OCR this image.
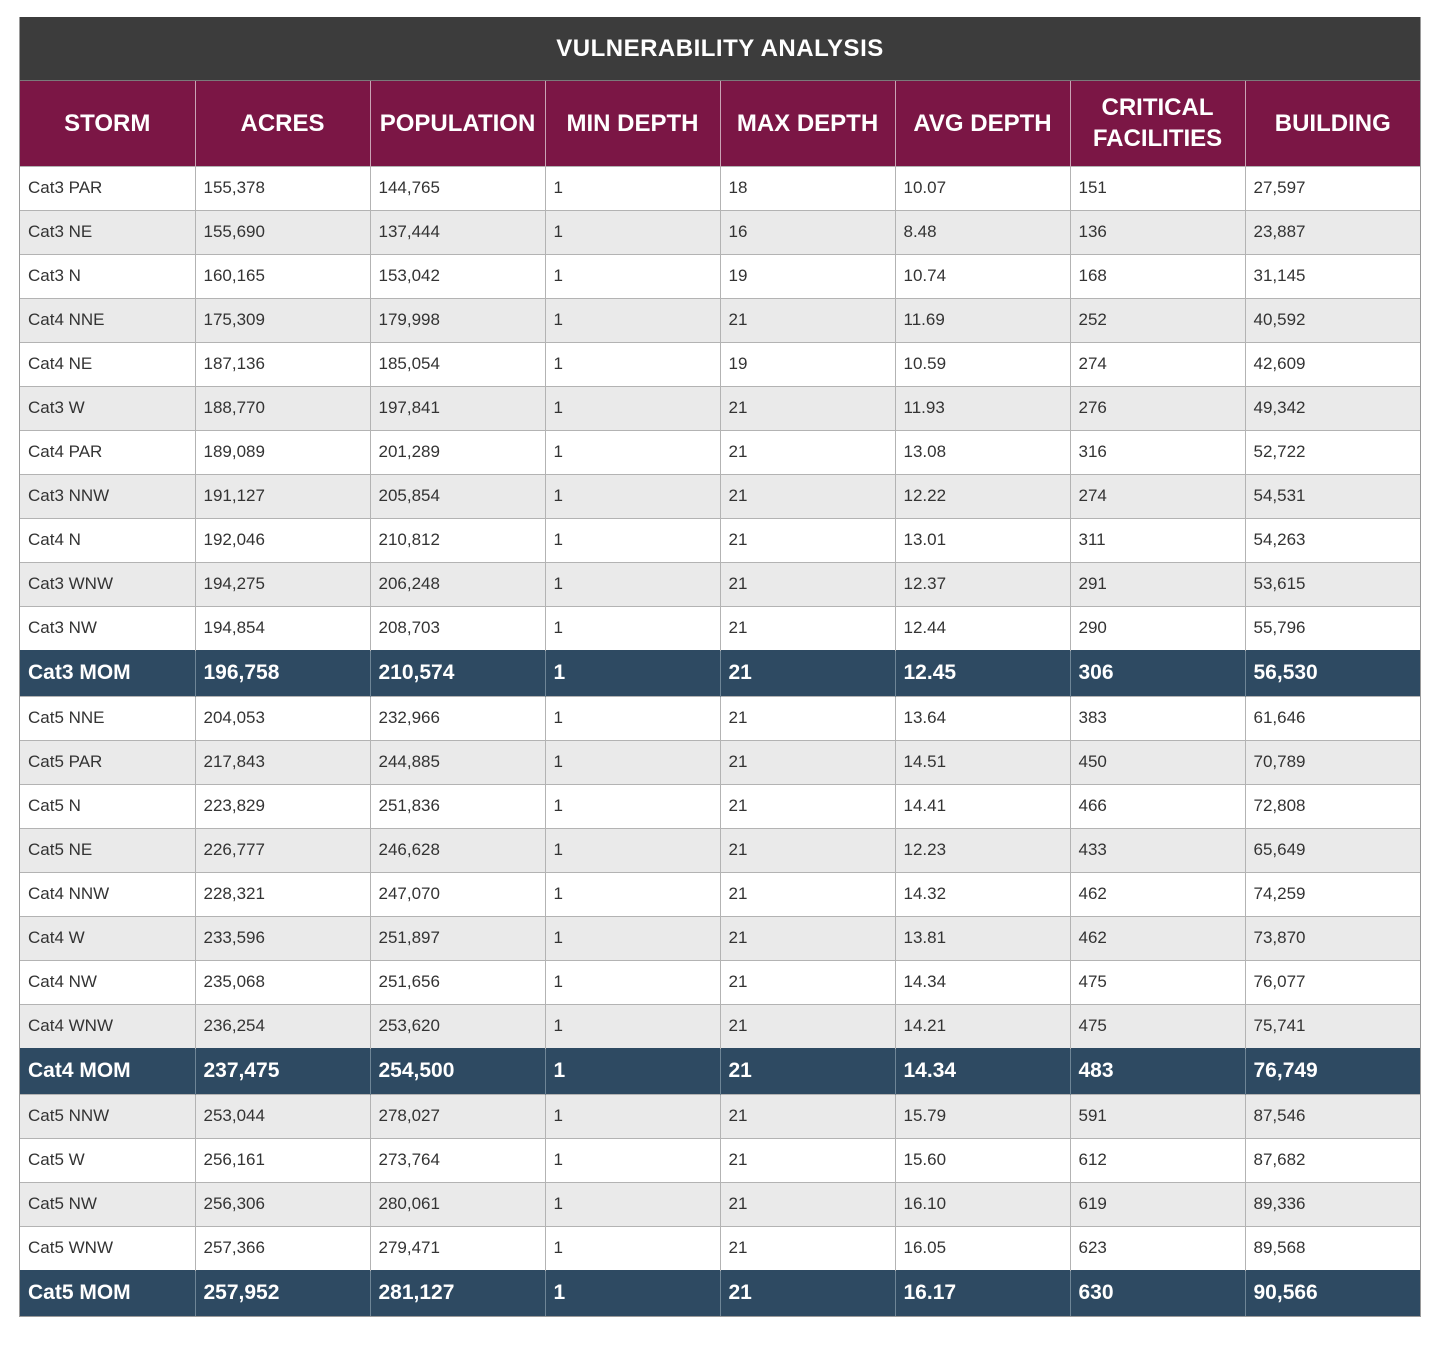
VULNERABILITY ANALYSIS
STORM	ACRES	POPULATION	MIN DEPTH	MAX DEPTH	AVG DEPTH	CRITICAL FACILITIES	BUILDING
Cat3 PAR	155,378	144,765	1	18	10.07	151	27,597
Cat3 NE	155,690	137,444	1	16	8.48	136	23,887
Cat3 N	160,165	153,042	1	19	10.74	168	31,145
Cat4 NNE	175,309	179,998	1	21	11.69	252	40,592
Cat4 NE	187,136	185,054	1	19	10.59	274	42,609
Cat3 W	188,770	197,841	1	21	11.93	276	49,342
Cat4 PAR	189,089	201,289	1	21	13.08	316	52,722
Cat3 NNW	191,127	205,854	1	21	12.22	274	54,531
Cat4 N	192,046	210,812	1	21	13.01	311	54,263
Cat3 WNW	194,275	206,248	1	21	12.37	291	53,615
Cat3 NW	194,854	208,703	1	21	12.44	290	55,796
Cat3 MOM	196,758	210,574	1	21	12.45	306	56,530
Cat5 NNE	204,053	232,966	1	21	13.64	383	61,646
Cat5 PAR	217,843	244,885	1	21	14.51	450	70,789
Cat5 N	223,829	251,836	1	21	14.41	466	72,808
Cat5 NE	226,777	246,628	1	21	12.23	433	65,649
Cat4 NNW	228,321	247,070	1	21	14.32	462	74,259
Cat4 W	233,596	251,897	1	21	13.81	462	73,870
Cat4 NW	235,068	251,656	1	21	14.34	475	76,077
Cat4 WNW	236,254	253,620	1	21	14.21	475	75,741
Cat4 MOM	237,475	254,500	1	21	14.34	483	76,749
Cat5 NNW	253,044	278,027	1	21	15.79	591	87,546
Cat5 W	256,161	273,764	1	21	15.60	612	87,682
Cat5 NW	256,306	280,061	1	21	16.10	619	89,336
Cat5 WNW	257,366	279,471	1	21	16.05	623	89,568
Cat5 MOM	257,952	281,127	1	21	16.17	630	90,566
